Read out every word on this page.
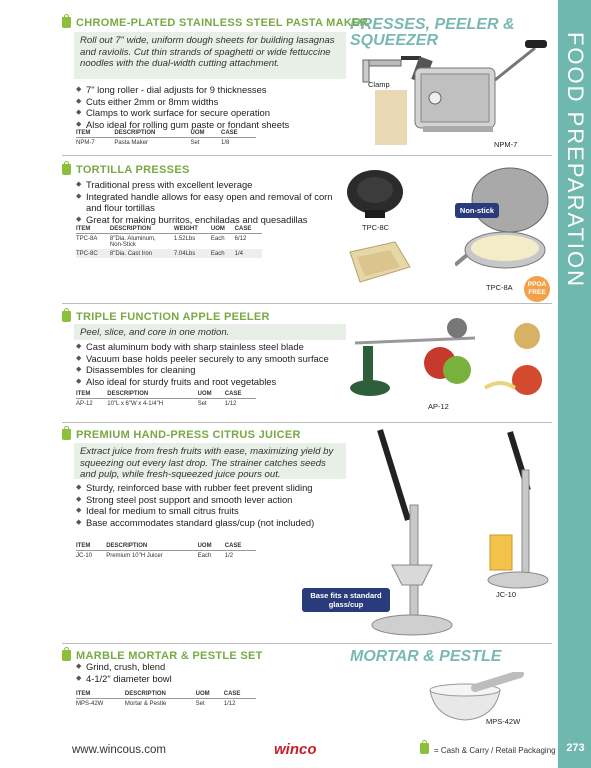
FOOD PREPARATION
273
PRESSES, PEELER & SQUEEZER
MORTAR & PESTLE
CHROME-PLATED STAINLESS STEEL PASTA MAKER
Roll out 7" wide, uniform dough sheets for building lasagnas and raviolis. Cut thin strands of spaghetti or wide fettuccine noodles with the dual-width cutting attachment.
◆ 7" long roller - dial adjusts for 9 thicknesses
◆ Cuts either 2mm or 8mm widths
◆ Clamps to work surface for secure operation
◆ Also ideal for rolling gum paste or fondant sheets
ITEM	DESCRIPTION	UOM	CASE
NPM-7	Pasta Maker	Set	1/8
Clamp
NPM-7
TORTILLA PRESSES
◆ Traditional press with excellent leverage
◆ Integrated handle allows for easy open and removal of corn and flour tortillas
◆ Great for making burritos, enchiladas and quesadillas
ITEM	DESCRIPTION	WEIGHT	UOM	CASE
TPC-8A	8"Dia. Aluminum, Non-Stick	1.52Lbs	Each	6/12
TPC-8C	8"Dia. Cast Iron	7.04Lbs	Each	1/4
TPC-8C
Non-stick
TPC-8A	PPOA
FREE
TRIPLE FUNCTION APPLE PEELER
Peel, slice, and core in one motion.
◆ Cast aluminum body with sharp stainless steel blade
◆ Vacuum base holds peeler securely to any smooth surface
◆ Disassembles for cleaning
◆ Also ideal for sturdy fruits and root vegetables
ITEM	DESCRIPTION	UOM	CASE
AP-12	10"L x 6"W x 4-1/4"H	Set	1/12	AP-12
PREMIUM HAND-PRESS CITRUS JUICER
Extract juice from fresh fruits with ease, maximizing yield by squeezing out every last drop. The strainer catches seeds and pulp, while fresh-squeezed juice pours out.
◆ Sturdy, reinforced base with rubber feet prevent sliding
◆ Strong steel post support and smooth lever action
◆ Ideal for medium to small citrus fruits
◆ Base accommodates standard glass/cup (not included)
ITEM	DESCRIPTION	UOM	CASE
JC-10	Premium 10"H Juicer	Each	1/2
Base fits a standard glass/cup
JC-10
MARBLE MORTAR & PESTLE SET
◆ Grind, crush, blend
◆ 4-1/2" diameter bowl
ITEM	DESCRIPTION	UOM	CASE
MPS-42W	Mortar & Pestle	Set	1/12
MPS-42W
www.wincous.com	winco	= Cash & Carry / Retail Packaging
